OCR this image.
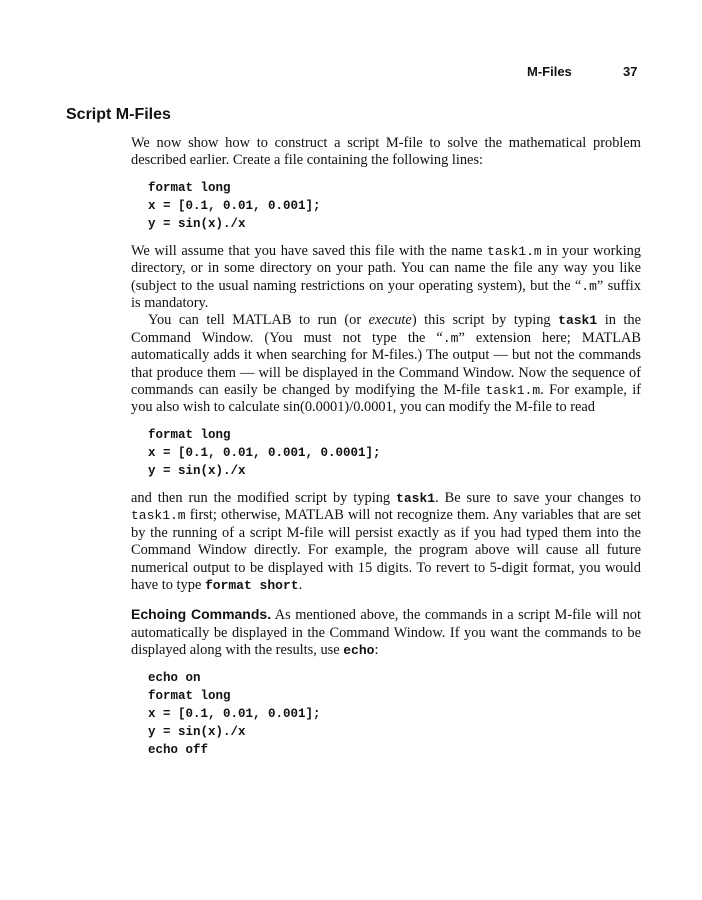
M-Files	37
Script M-Files

We now show how to construct a script M-file to solve the mathematical problem described earlier. Create a file containing the following lines:

format long
x = [0.1, 0.01, 0.001];
y = sin(x)./x

We will assume that you have saved this file with the name task1.m in your working directory, or in some directory on your path. You can name the file any way you like (subject to the usual naming restrictions on your operating system), but the “.m” suffix is mandatory.

You can tell MATLAB to run (or execute) this script by typing task1 in the Command Window. (You must not type the “.m” extension here; MATLAB automatically adds it when searching for M-files.) The output — but not the commands that produce them — will be displayed in the Command Window. Now the sequence of commands can easily be changed by modifying the M-file task1.m. For example, if you also wish to calculate sin(0.0001)/0.0001, you can modify the M-file to read

format long
x = [0.1, 0.01, 0.001, 0.0001];
y = sin(x)./x

and then run the modified script by typing task1. Be sure to save your changes to task1.m first; otherwise, MATLAB will not recognize them. Any variables that are set by the running of a script M-file will persist exactly as if you had typed them into the Command Window directly. For example, the program above will cause all future numerical output to be displayed with 15 digits. To revert to 5-digit format, you would have to type format short.

Echoing Commands. As mentioned above, the commands in a script M-file will not automatically be displayed in the Command Window. If you want the commands to be displayed along with the results, use echo:

echo on
format long
x = [0.1, 0.01, 0.001];
y = sin(x)./x
echo off
